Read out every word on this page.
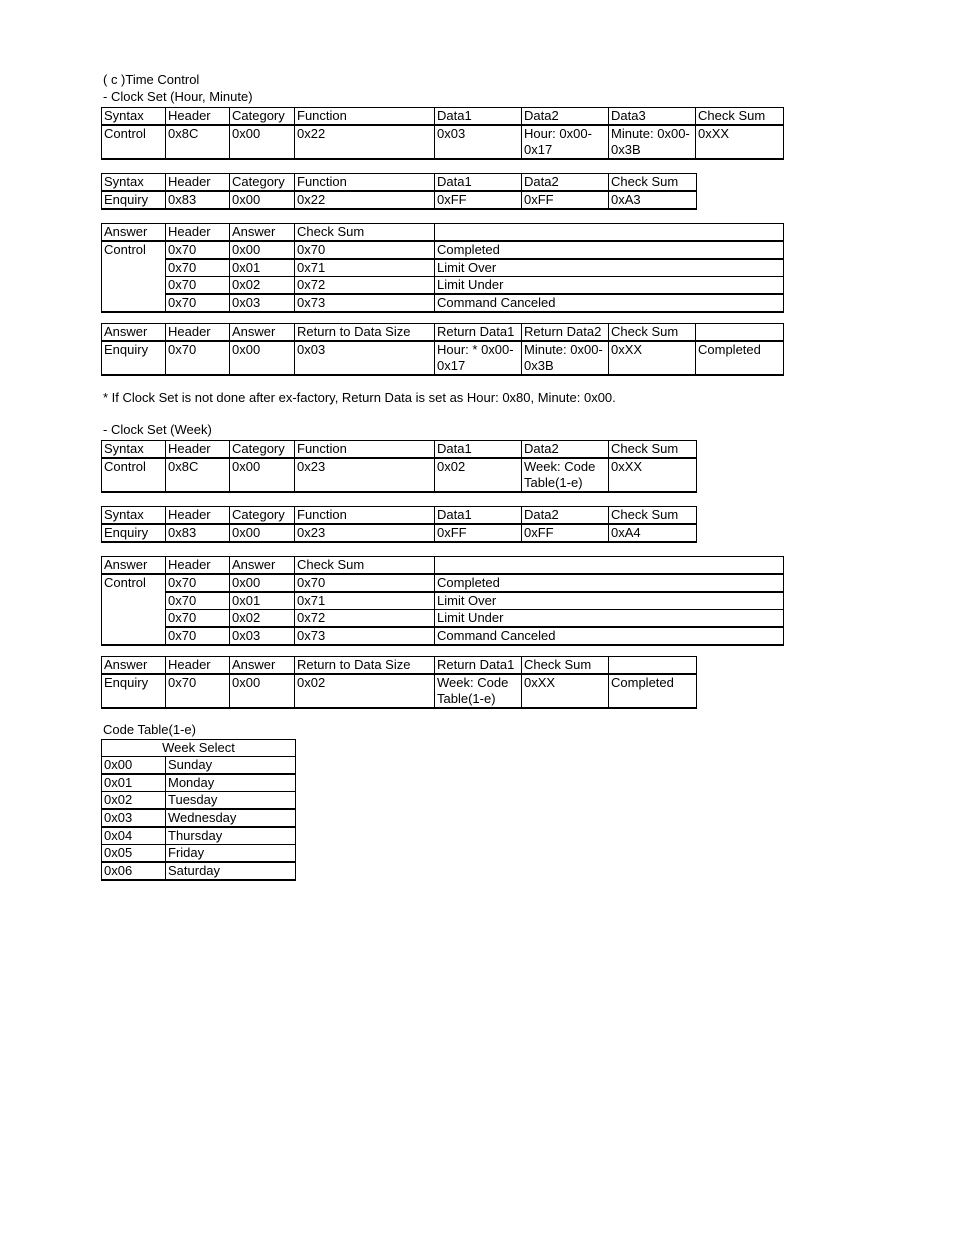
( c )Time Control
- Clock Set (Hour, Minute)
Syntax	Header	Category	Function	Data1	Data2	Data3	Check Sum
Control	0x8C	0x00	0x22	0x03	Hour: 0x00-0x17	Minute: 0x00-0x3B	0xXX
Syntax	Header	Category	Function	Data1	Data2	Check Sum
Enquiry	0x83	0x00	0x22	0xFF	0xFF	0xA3
Answer	Header	Answer	Check Sum	
Control	0x70	0x00	0x70	Completed
	0x70	0x01	0x71	Limit Over
	0x70	0x02	0x72	Limit Under
	0x70	0x03	0x73	Command Canceled
Answer	Header	Answer	Return to Data Size	Return Data1	Return Data2	Check Sum	
Enquiry	0x70	0x00	0x03	Hour: * 0x00-0x17	Minute: 0x00-0x3B	0xXX	Completed
* If Clock Set is not done after ex-factory, Return Data is set as Hour: 0x80, Minute: 0x00.
- Clock Set (Week)
Syntax	Header	Category	Function	Data1	Data2	Check Sum
Control	0x8C	0x00	0x23	0x02	Week: Code Table(1-e)	0xXX
Syntax	Header	Category	Function	Data1	Data2	Check Sum
Enquiry	0x83	0x00	0x23	0xFF	0xFF	0xA4
Answer	Header	Answer	Check Sum	
Control	0x70	0x00	0x70	Completed
	0x70	0x01	0x71	Limit Over
	0x70	0x02	0x72	Limit Under
	0x70	0x03	0x73	Command Canceled
Answer	Header	Answer	Return to Data Size	Return Data1	Check Sum	
Enquiry	0x70	0x00	0x02	Week: Code Table(1-e)	0xXX	Completed
Code Table(1-e)
Week Select	
0x00	Sunday
0x01	Monday
0x02	Tuesday
0x03	Wednesday
0x04	Thursday
0x05	Friday
0x06	Saturday
